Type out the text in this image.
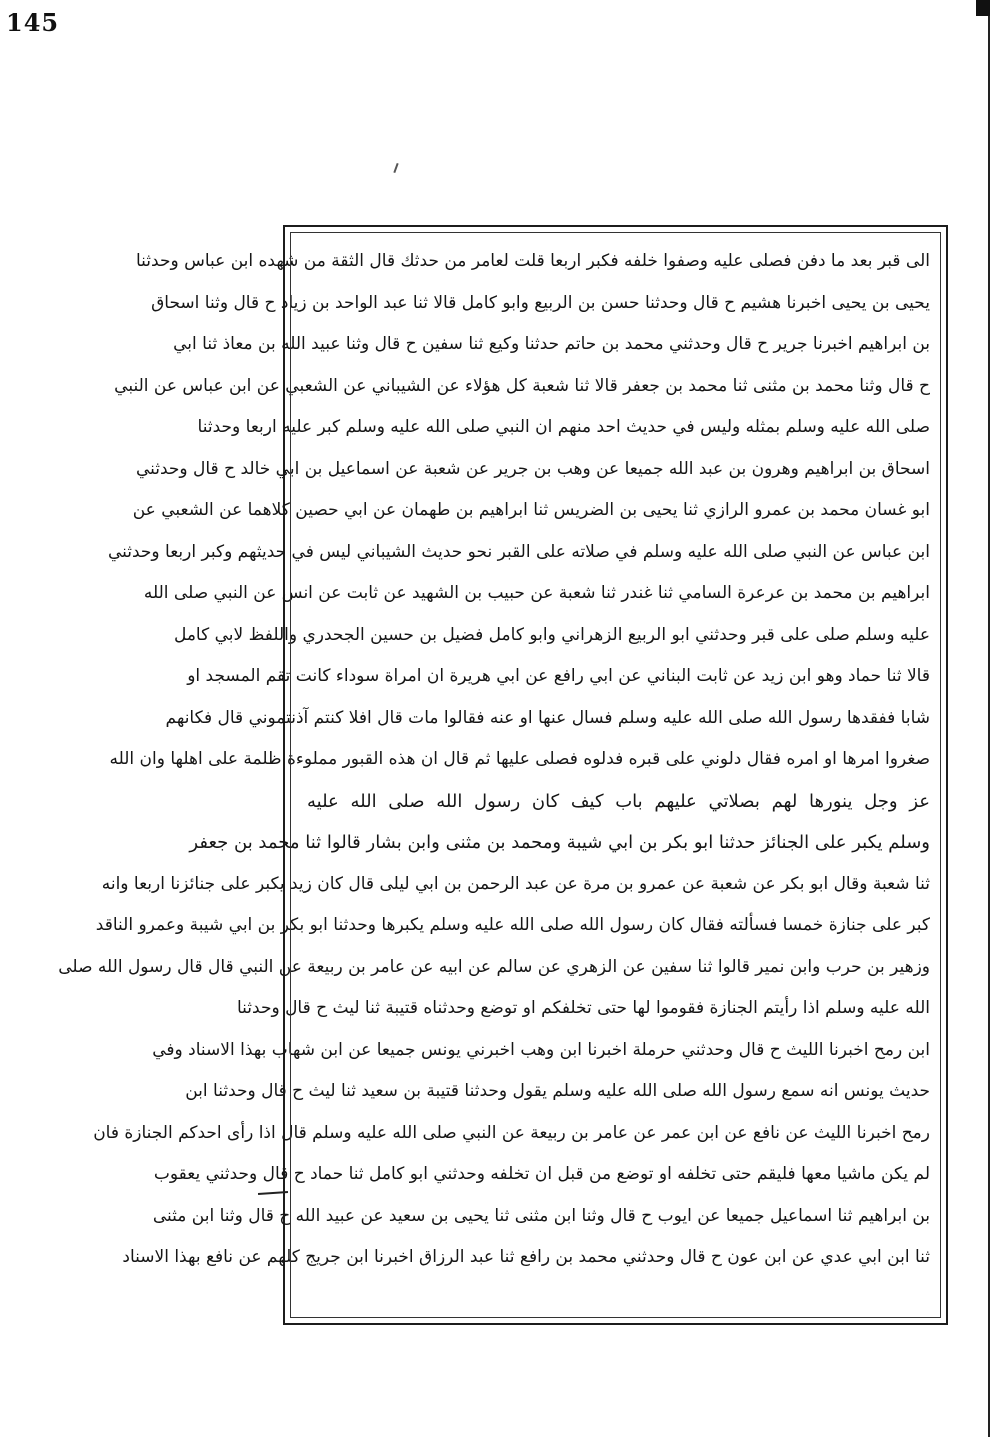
145
الى قبر بعد ما دفن فصلى عليه وصفوا خلفه فكبر اربعا قلت لعامر من حدثك قال الثقة من شهده ابن عباس وحدثنا
يحيى بن يحيى اخبرنا هشيم ح قال وحدثنا حسن بن الربيع وابو كامل قالا ثنا عبد الواحد بن زياد ح قال وثنا اسحاق
بن ابراهيم اخبرنا جرير ح قال وحدثني محمد بن حاتم حدثنا وكيع ثنا سفين ح قال وثنا عبيد الله بن معاذ ثنا ابي
ح قال وثنا محمد بن مثنى ثنا محمد بن جعفر قالا ثنا شعبة كل هؤلاء عن الشيباني عن الشعبي عن ابن عباس عن النبي
صلى الله عليه وسلم بمثله وليس في حديث احد منهم ان النبي صلى الله عليه وسلم كبر عليه اربعا وحدثنا
اسحاق بن ابراهيم وهرون بن عبد الله جميعا عن وهب بن جرير عن شعبة عن اسماعيل بن ابي خالد ح قال وحدثني
ابو غسان محمد بن عمرو الرازي ثنا يحيى بن الضريس ثنا ابراهيم بن طهمان عن ابي حصين كلاهما عن الشعبي عن
ابن عباس عن النبي صلى الله عليه وسلم في صلاته على القبر نحو حديث الشيباني ليس في حديثهم وكبر اربعا وحدثني
ابراهيم بن محمد بن عرعرة السامي ثنا غندر ثنا شعبة عن حبيب بن الشهيد عن ثابت عن انس عن النبي صلى الله
عليه وسلم صلى على قبر وحدثني ابو الربيع الزهراني وابو كامل فضيل بن حسين الجحدري واللفظ لابي كامل
قالا ثنا حماد وهو ابن زيد عن ثابت البناني عن ابي رافع عن ابي هريرة ان امراة سوداء كانت تقم المسجد او
شابا ففقدها رسول الله صلى الله عليه وسلم فسال عنها او عنه فقالوا مات قال افلا كنتم آذنتموني قال فكانهم
صغروا امرها او امره فقال دلوني على قبره فدلوه فصلى عليها ثم قال ان هذه القبور مملوءة ظلمة على اهلها وان الله
عز وجل ينورها لهم بصلاتي عليهم باب كيف كان رسول الله صلى الله عليه
وسلم يكبر على الجنائز حدثنا ابو بكر بن ابي شيبة ومحمد بن مثنى وابن بشار قالوا ثنا محمد بن جعفر
ثنا شعبة وقال ابو بكر عن شعبة عن عمرو بن مرة عن عبد الرحمن بن ابي ليلى قال كان زيد يكبر على جنائزنا اربعا وانه
كبر على جنازة خمسا فسألته فقال كان رسول الله صلى الله عليه وسلم يكبرها وحدثنا ابو بكر بن ابي شيبة وعمرو الناقد
وزهير بن حرب وابن نمير قالوا ثنا سفين عن الزهري عن سالم عن ابيه عن عامر بن ربيعة عن النبي قال قال رسول الله صلى
الله عليه وسلم اذا رأيتم الجنازة فقوموا لها حتى تخلفكم او توضع وحدثناه قتيبة ثنا ليث ح قال وحدثنا
ابن رمح اخبرنا الليث ح قال وحدثني حرملة اخبرنا ابن وهب اخبرني يونس جميعا عن ابن شهاب بهذا الاسناد وفي
حديث يونس انه سمع رسول الله صلى الله عليه وسلم يقول وحدثنا قتيبة بن سعيد ثنا ليث ح قال وحدثنا ابن
رمح اخبرنا الليث عن نافع عن ابن عمر عن عامر بن ربيعة عن النبي صلى الله عليه وسلم قال اذا رأى احدكم الجنازة فان
لم يكن ماشيا معها فليقم حتى تخلفه او توضع من قبل ان تخلفه وحدثني ابو كامل ثنا حماد ح قال وحدثني يعقوب
بن ابراهيم ثنا اسماعيل جميعا عن ايوب ح قال وثنا ابن مثنى ثنا يحيى بن سعيد عن عبيد الله ح قال وثنا ابن مثنى
ثنا ابن ابي عدي عن ابن عون ح قال وحدثني محمد بن رافع ثنا عبد الرزاق اخبرنا ابن جريج كلهم عن نافع بهذا الاسناد
